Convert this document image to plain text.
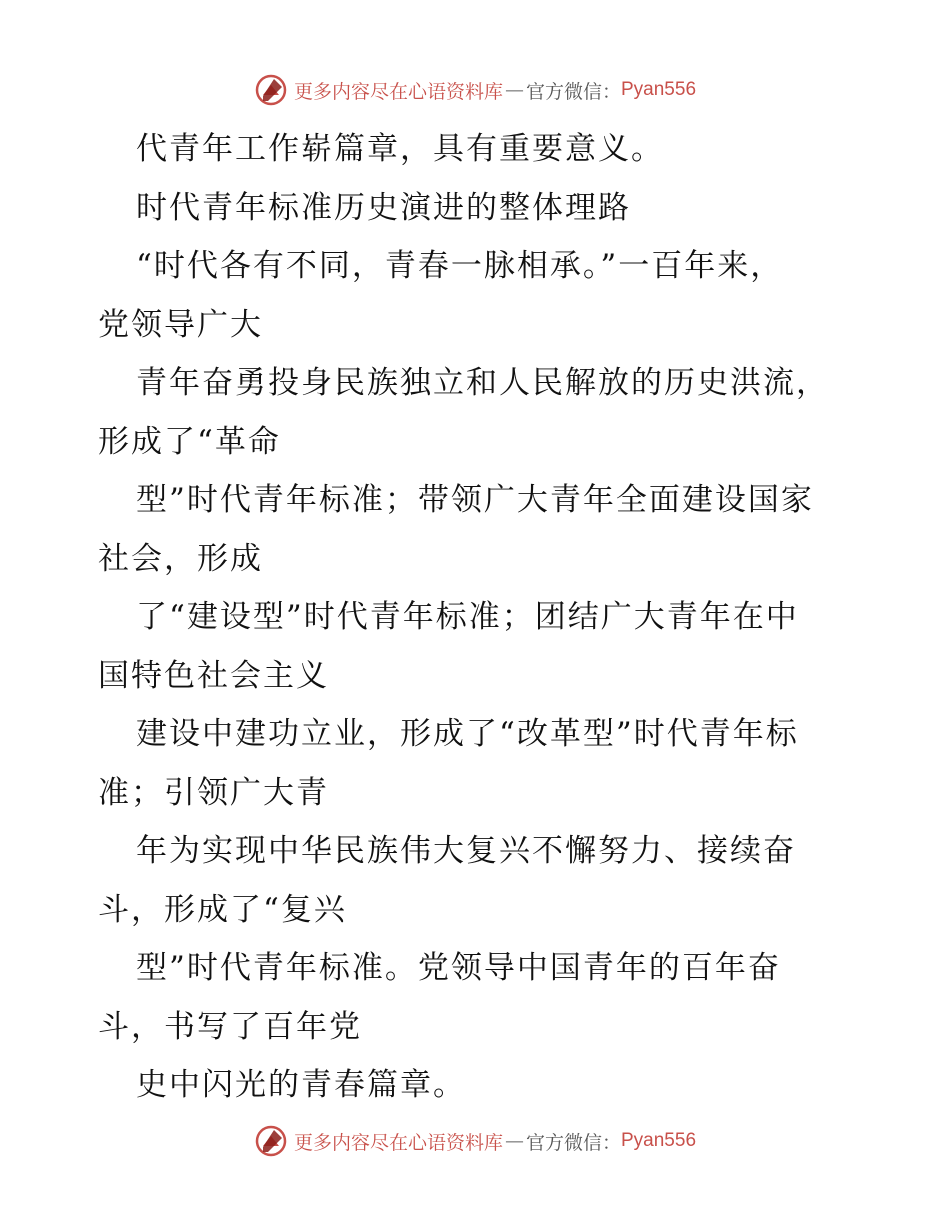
更多内容尽在心语资料库 — 官方微信： Pyan556
代青年工作崭篇章，具有重要意义。
时代青年标准历史演进的整体理路
“时代各有不同，青春一脉相承。”一百年来，
党领导广大
青年奋勇投身民族独立和人民解放的历史洪流，
形成了“革命
型”时代青年标准；带领广大青年全面建设国家
社会，形成
了“建设型”时代青年标准；团结广大青年在中
国特色社会主义
建设中建功立业，形成了“改革型”时代青年标
准；引领广大青
年为实现中华民族伟大复兴不懈努力、接续奋
斗，形成了“复兴
型”时代青年标准。党领导中国青年的百年奋
斗，书写了百年党
史中闪光的青春篇章。
更多内容尽在心语资料库 — 官方微信： Pyan556
